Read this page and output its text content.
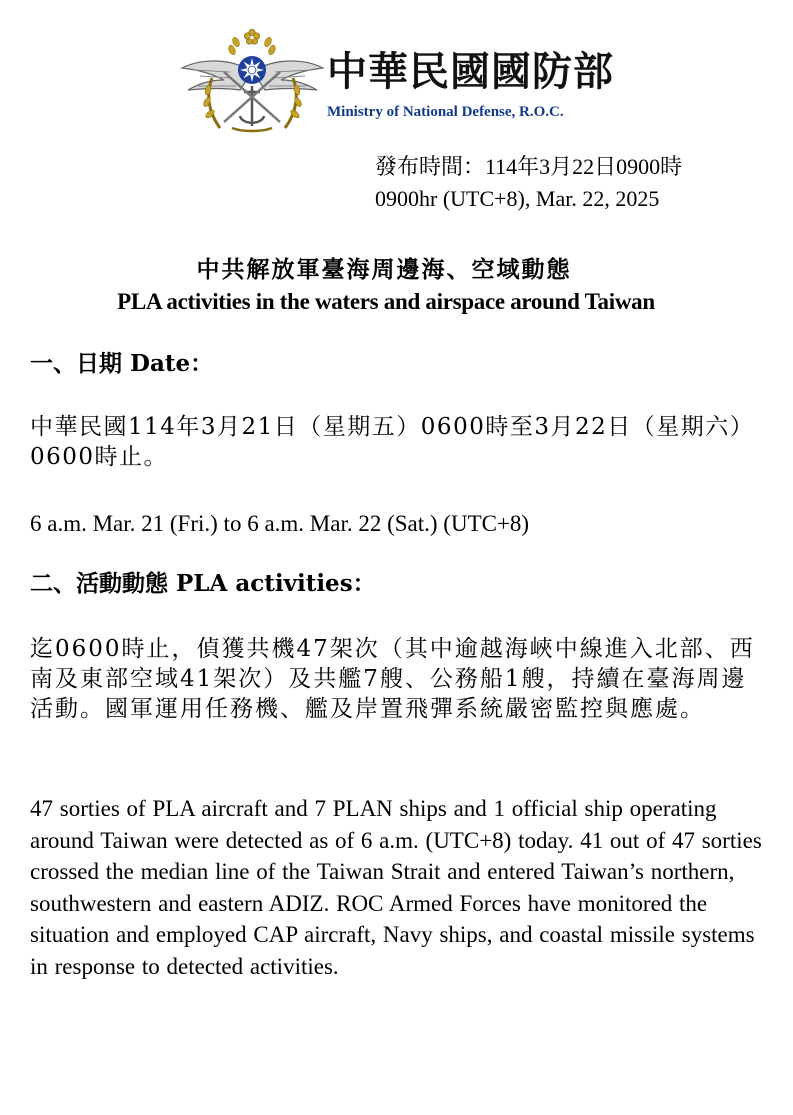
中華民國國防部
Ministry of National Defense, R.O.C.
發布時間：114年3月22日0900時
0900hr (UTC+8), Mar. 22, 2025
中共解放軍臺海周邊海、空域動態
PLA activities in the waters and airspace around Taiwan
一、日期 Date：
中華民國114年3月21日（星期五）0600時至3月22日（星期六）0600時止。
6 a.m. Mar. 21 (Fri.) to 6 a.m. Mar. 22 (Sat.) (UTC+8)
二、活動動態 PLA activities：
迄0600時止，偵獲共機47架次（其中逾越海峽中線進入北部、西南及東部空域41架次）及共艦7艘、公務船1艘，持續在臺海周邊活動。國軍運用任務機、艦及岸置飛彈系統嚴密監控與應處。
47 sorties of PLA aircraft and 7 PLAN ships and 1 official ship operating around Taiwan were detected as of 6 a.m. (UTC+8) today. 41 out of 47 sorties crossed the median line of the Taiwan Strait and entered Taiwan’s northern, southwestern and eastern ADIZ. ROC Armed Forces have monitored the situation and employed CAP aircraft, Navy ships, and coastal missile systems in response to detected activities.
